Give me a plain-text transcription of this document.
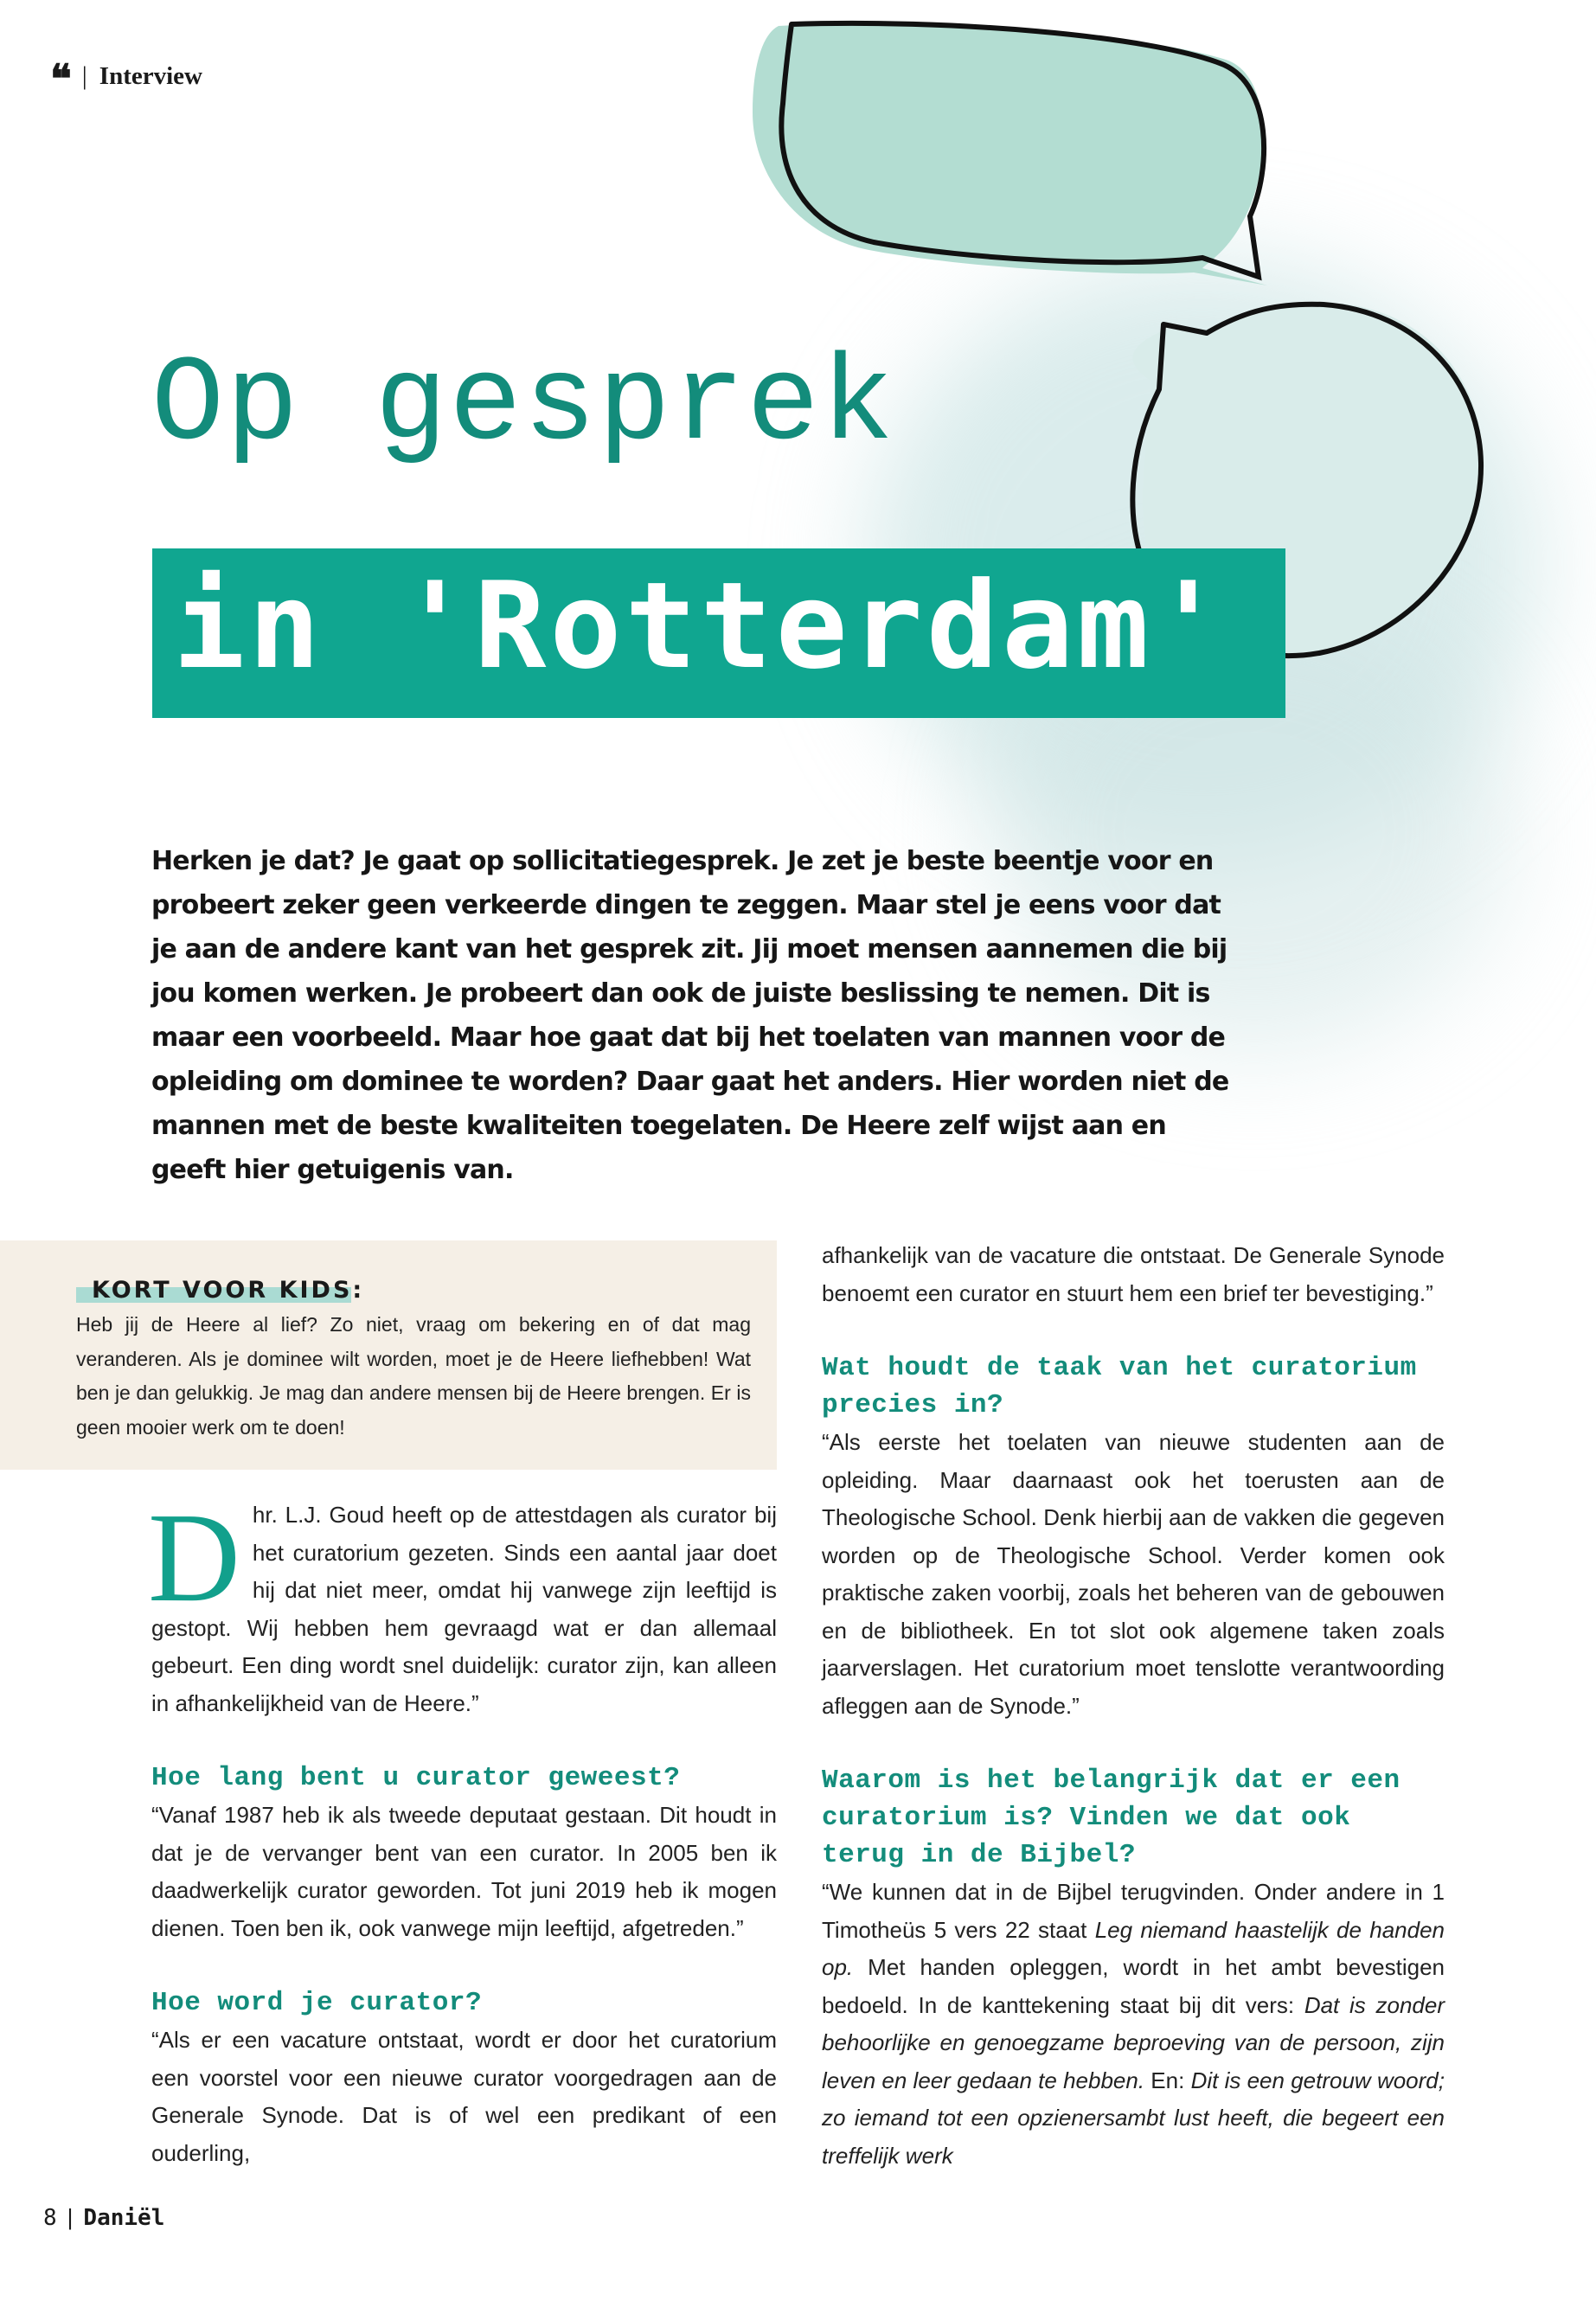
❝ | Interview
Op gesprek
in 'Rotterdam'
Herken je dat? Je gaat op sollicitatiegesprek. Je zet je beste beentje voor en probeert zeker geen verkeerde dingen te zeggen. Maar stel je eens voor dat je aan de andere kant van het gesprek zit. Jij moet mensen aannemen die bij jou komen werken. Je probeert dan ook de juiste beslissing te nemen. Dit is maar een voorbeeld. Maar hoe gaat dat bij het toelaten van mannen voor de opleiding om dominee te worden? Daar gaat het anders. Hier worden niet de mannen met de beste kwaliteiten toegelaten. De Heere zelf wijst aan en geeft hier getuigenis van.
KORT VOOR KIDS:
Heb jij de Heere al lief? Zo niet, vraag om bekering en of dat mag veranderen. Als je dominee wilt worden, moet je de Heere liefhebben! Wat ben je dan gelukkig. Je mag dan andere mensen bij de Heere brengen. Er is geen mooier werk om te doen!
D hr. L.J. Goud heeft op de attestdagen als curator bij het curatorium gezeten. Sinds een aantal jaar doet hij dat niet meer, omdat hij vanwege zijn leeftijd is gestopt. Wij hebben hem gevraagd wat er dan allemaal gebeurt. Een ding wordt snel duidelijk: curator zijn, kan alleen in afhankelijkheid van de Heere.”

Hoe lang bent u curator geweest?

“Vanaf 1987 heb ik als tweede deputaat gestaan. Dit houdt in dat je de vervanger bent van een curator. In 2005 ben ik daadwerkelijk curator geworden. Tot juni 2019 heb ik mogen dienen. Toen ben ik, ook vanwege mijn leeftijd, afgetreden.”

Hoe word je curator?

“Als er een vacature ontstaat, wordt er door het curatorium een voorstel voor een nieuwe curator voorgedragen aan de Generale Synode. Dat is of wel een predikant of een ouderling,

afhankelijk van de vacature die ontstaat. De Generale Synode benoemt een curator en stuurt hem een brief ter bevestiging.”

Wat houdt de taak van het curatorium precies in?

“Als eerste het toelaten van nieuwe studenten aan de opleiding. Maar daarnaast ook het toerusten aan de Theologische School. Denk hierbij aan de vakken die gegeven worden op de Theologische School. Verder komen ook praktische zaken voorbij, zoals het beheren van de gebouwen en de bibliotheek. En tot slot ook algemene taken zoals jaarverslagen. Het curatorium moet tenslotte verantwoording afleggen aan de Synode.”

Waarom is het belangrijk dat er een curatorium is? Vinden we dat ook terug in de Bijbel?

“We kunnen dat in de Bijbel terugvinden. Onder andere in 1 Timotheüs 5 vers 22 staat Leg niemand haastelijk de handen op. Met handen opleggen, wordt in het ambt bevestigen bedoeld. In de kanttekening staat bij dit vers: Dat is zonder behoorlijke en genoegzame beproeving van de persoon, zijn leven en leer gedaan te hebben. En: Dit is een getrouw woord; zo iemand tot een opzienersambt lust heeft, die begeert een treffelijk werk

8 | Daniël
